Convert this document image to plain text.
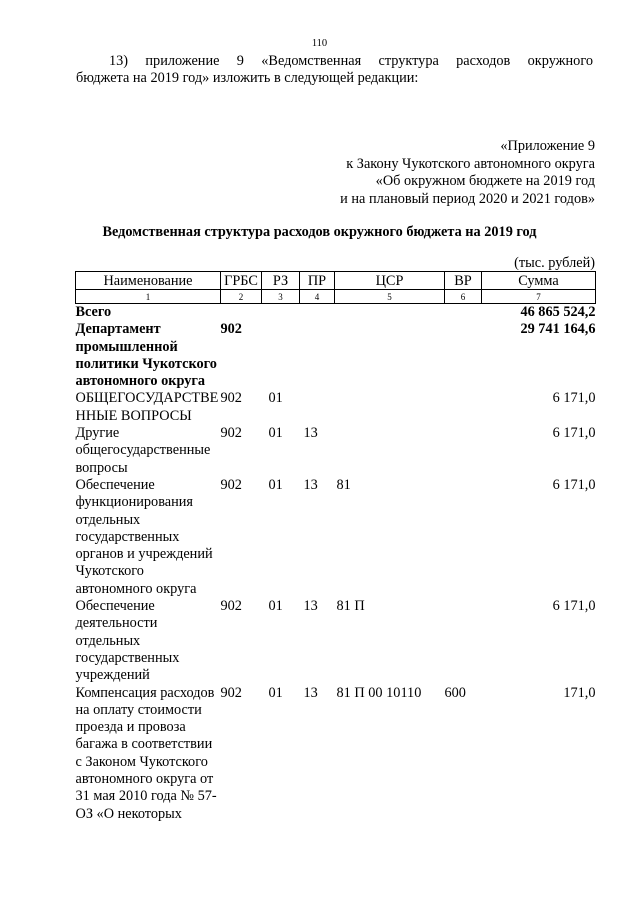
110
13) приложение 9 «Ведомственная структура расходов окружного
бюджета на 2019 год» изложить в следующей редакции:
«Приложение 9
к Закону Чукотского автономного округа
«Об окружном бюджете на 2019 год
и на плановый период 2020 и 2021 годов»
Ведомственная структура расходов окружного бюджета на 2019 год
(тыс. рублей)
Наименование	ГРБС	РЗ	ПР	ЦСР	ВР	Сумма
1	2	3	4	5	6	7
Всего						46 865 524,2
Департамент промышленной политики Чукотского автономного округа	902					29 741 164,6
ОБЩЕГОСУДАРСТВЕННЫЕ ВОПРОСЫ	902	01				6 171,0
Другие общегосударственные вопросы	902	01	13			6 171,0
Обеспечение функционирования отдельных государственных органов и учреждений Чукотского автономного округа	902	01	13	81		6 171,0
Обеспечение деятельности отдельных государственных учреждений	902	01	13	81 П		6 171,0
Компенсация расходов на оплату стоимости проезда и провоза багажа в соответствии с Законом Чукотского автономного округа от 31 мая 2010 года № 57-ОЗ «О некоторых	902	01	13	81 П 00 10110	600	171,0
